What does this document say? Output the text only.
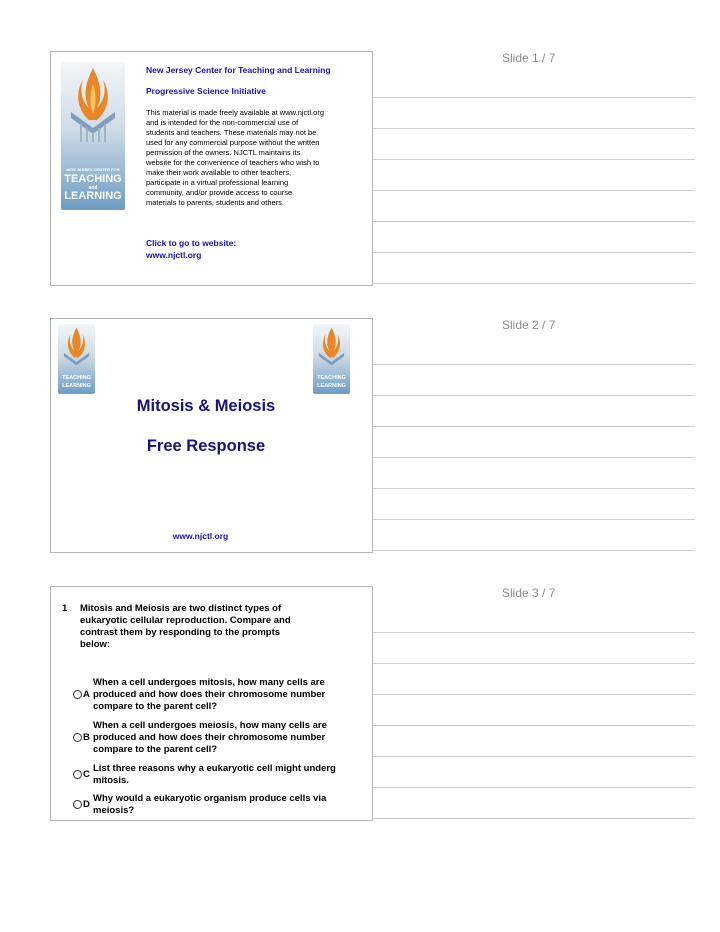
Slide 1 / 7
NEW JERSEY CENTER FOR
TEACHING
and
LEARNING
New Jersey Center for Teaching and Learning
Progressive Science Initiative
This material is made freely available at www.njctl.org
and is intended for the non-commercial use of
students and teachers. These materials may not be
used for any commercial purpose without the written
permission of the owners. NJCTL maintains its
website for the convenience of teachers who wish to
make their work available to other teachers,
participate in a virtual professional learning
community, and/or provide access to course
materials to parents, students and others.
Click to go to website:
www.njctl.org
Slide 2 / 7
TEACHING
LEARNING
TEACHING
LEARNING
Mitosis & Meiosis
Free Response
www.njctl.org
Slide 3 / 7
1 Mitosis and Meiosis are two distinct types of
eukaryotic cellular reproduction. Compare and
contrast them by responding to the prompts
below:
A
When a cell undergoes mitosis, how many cells are
produced and how does their chromosome number
compare to the parent cell?
B
When a cell undergoes meiosis, how many cells are
produced and how does their chromosome number
compare to the parent cell?
C
List three reasons why a eukaryotic cell might underg
mitosis.
D
Why would a eukaryotic organism produce cells via
meiosis?
